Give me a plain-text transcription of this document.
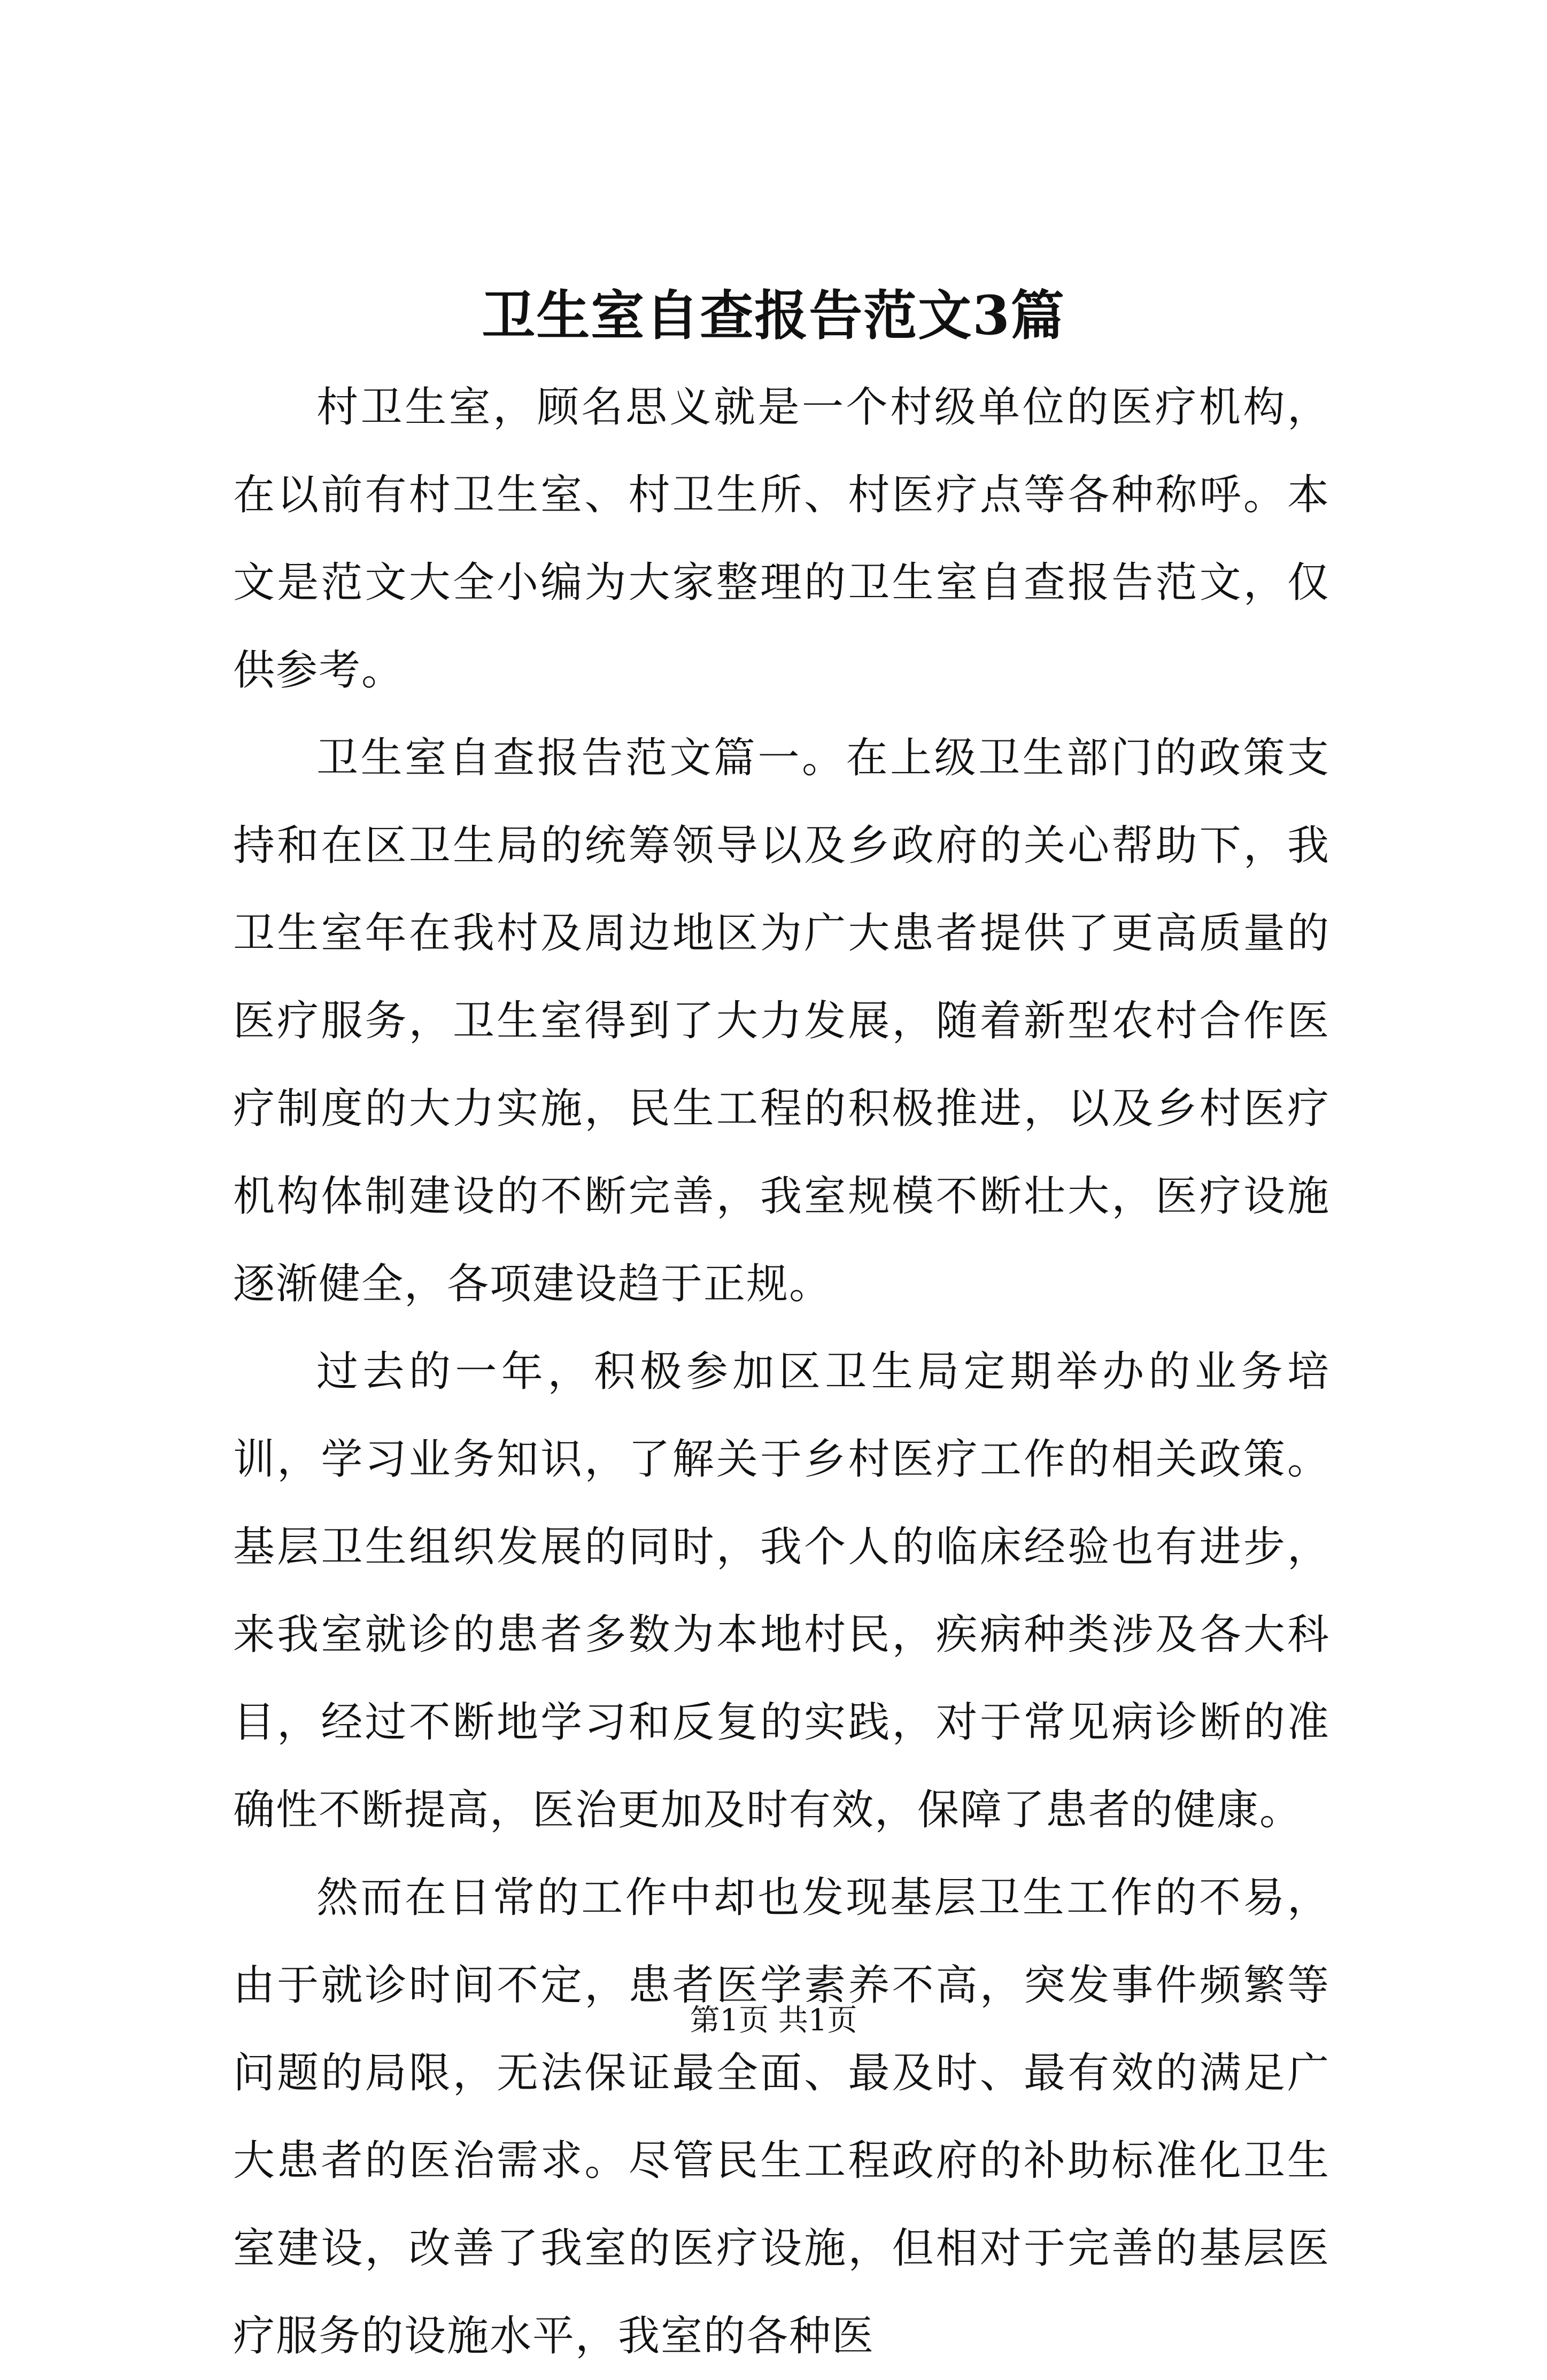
卫生室自查报告范文3篇

村卫生室，顾名思义就是一个村级单位的医疗机构，在以前有村卫生室、村卫生所、村医疗点等各种称呼。本文是范文大全小编为大家整理的卫生室自查报告范文，仅供参考。

卫生室自查报告范文篇一。在上级卫生部门的政策支持和在区卫生局的统筹领导以及乡政府的关心帮助下，我卫生室年在我村及周边地区为广大患者提供了更高质量的医疗服务，卫生室得到了大力发展，随着新型农村合作医疗制度的大力实施，民生工程的积极推进，以及乡村医疗机构体制建设的不断完善，我室规模不断壮大，医疗设施逐渐健全，各项建设趋于正规。

过去的一年，积极参加区卫生局定期举办的业务培训，学习业务知识，了解关于乡村医疗工作的相关政策。基层卫生组织发展的同时，我个人的临床经验也有进步，来我室就诊的患者多数为本地村民，疾病种类涉及各大科目，经过不断地学习和反复的实践，对于常见病诊断的准确性不断提高，医治更加及时有效，保障了患者的健康。

然而在日常的工作中却也发现基层卫生工作的不易，由于就诊时间不定，患者医学素养不高，突发事件频繁等问题的局限，无法保证最全面、最及时、最有效的满足广大患者的医治需求。尽管民生工程政府的补助标准化卫生室建设，改善了我室的医疗设施，但相对于完善的基层医疗服务的设施水平，我室的各种医

第1页 共1页
